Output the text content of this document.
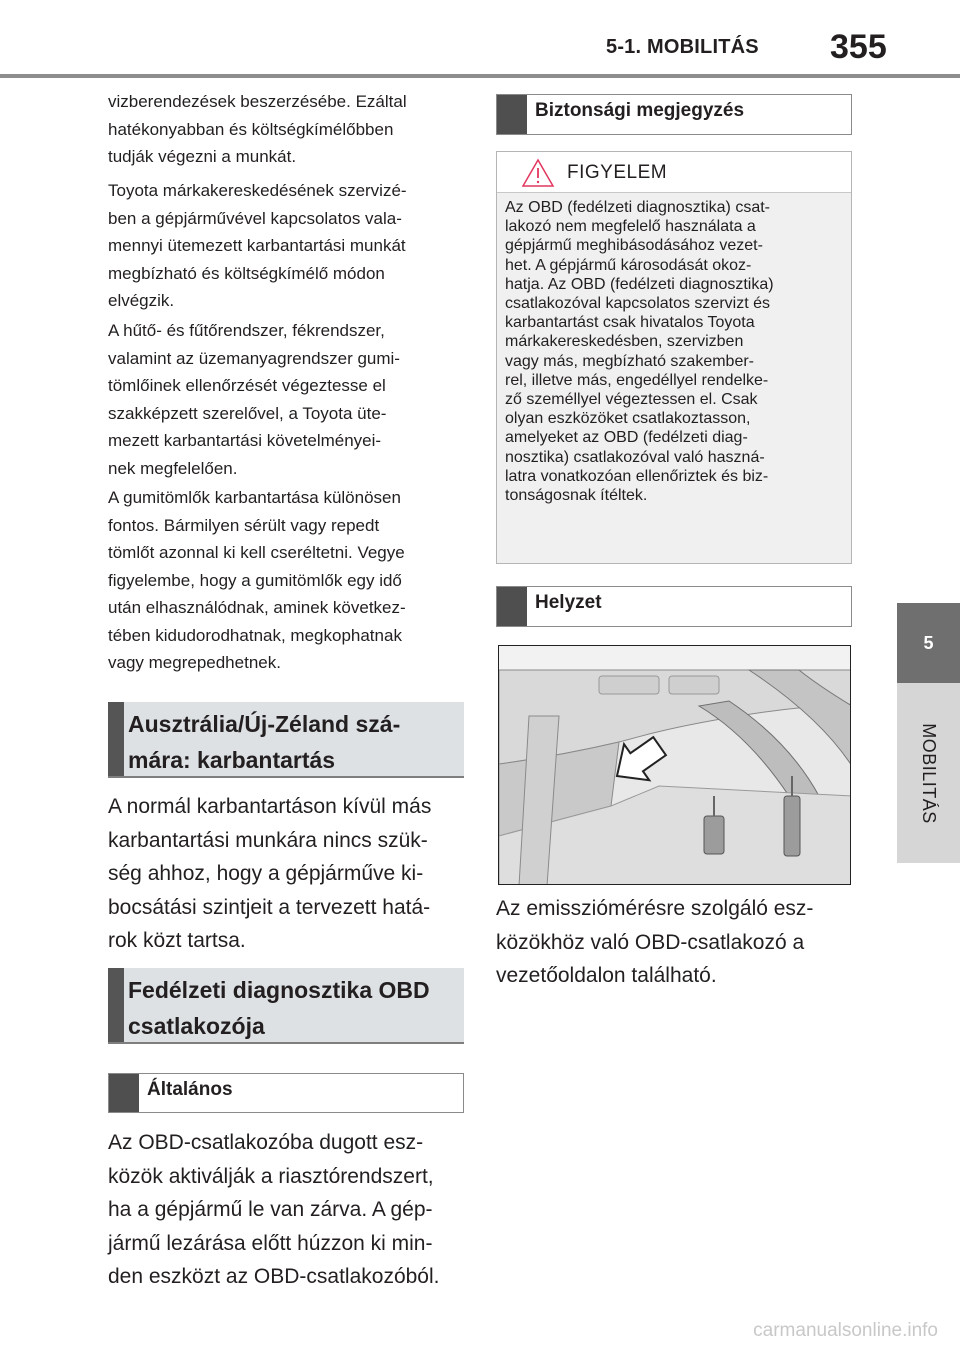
5-1. MOBILITÁS 355
5
MOBILITÁS
vizberendezések beszerzésébe. Ezáltal
hatékonyabban és költségkímélőbben
tudják végezni a munkát.
Toyota márkakereskedésének szervizé-
ben a gépjárművével kapcsolatos vala-
mennyi ütemezett karbantartási munkát
megbízható és költségkímélő módon
elvégzik.
A hűtő- és fűtőrendszer, fékrendszer,
valamint az üzemanyagrendszer gumi-
tömlőinek ellenőrzését végeztesse el
szakképzett szerelővel, a Toyota üte-
mezett karbantartási követelményei-
nek megfelelően.
A gumitömlők karbantartása különösen
fontos. Bármilyen sérült vagy repedt
tömlőt azonnal ki kell cseréltetni. Vegye
figyelembe, hogy a gumitömlők egy idő
után elhasználódnak, aminek következ-
tében kidudorodhatnak, megkophatnak
vagy megrepedhetnek.
Ausztrália/Új-Zéland szá-
mára: karbantartás
A normál karbantartáson kívül más
karbantartási munkára nincs szük-
ség ahhoz, hogy a gépjárműve ki-
bocsátási szintjeit a tervezett hatá-
rok közt tartsa.
Fedélzeti diagnosztika OBD
csatlakozója
Általános
Az OBD-csatlakozóba dugott esz-
közök aktiválják a riasztórendszert,
ha a gépjármű le van zárva. A gép-
jármű lezárása előtt húzzon ki min-
den eszközt az OBD-csatlakozóból.
Biztonsági megjegyzés
FIGYELEM
Az OBD (fedélzeti diagnosztika) csat-
lakozó nem megfelelő használata a
gépjármű meghibásodásához vezet-
het. A gépjármű károsodását okoz-
hatja. Az OBD (fedélzeti diagnosztika)
csatlakozóval kapcsolatos szervizt és
karbantartást csak hivatalos Toyota
márkakereskedésben, szervizben
vagy más, megbízható szakember-
rel, illetve más, engedéllyel rendelke-
ző személlyel végeztessen el. Csak
olyan eszközöket csatlakoztasson,
amelyeket az OBD (fedélzeti diag-
nosztika) csatlakozóval való haszná-
latra vonatkozóan ellenőriztek és biz-
tonságosnak ítéltek.
Helyzet
Az emissziómérésre szolgáló esz-
közökhöz való OBD-csatlakozó a
vezetőoldalon található.
carmanualsonline.info
